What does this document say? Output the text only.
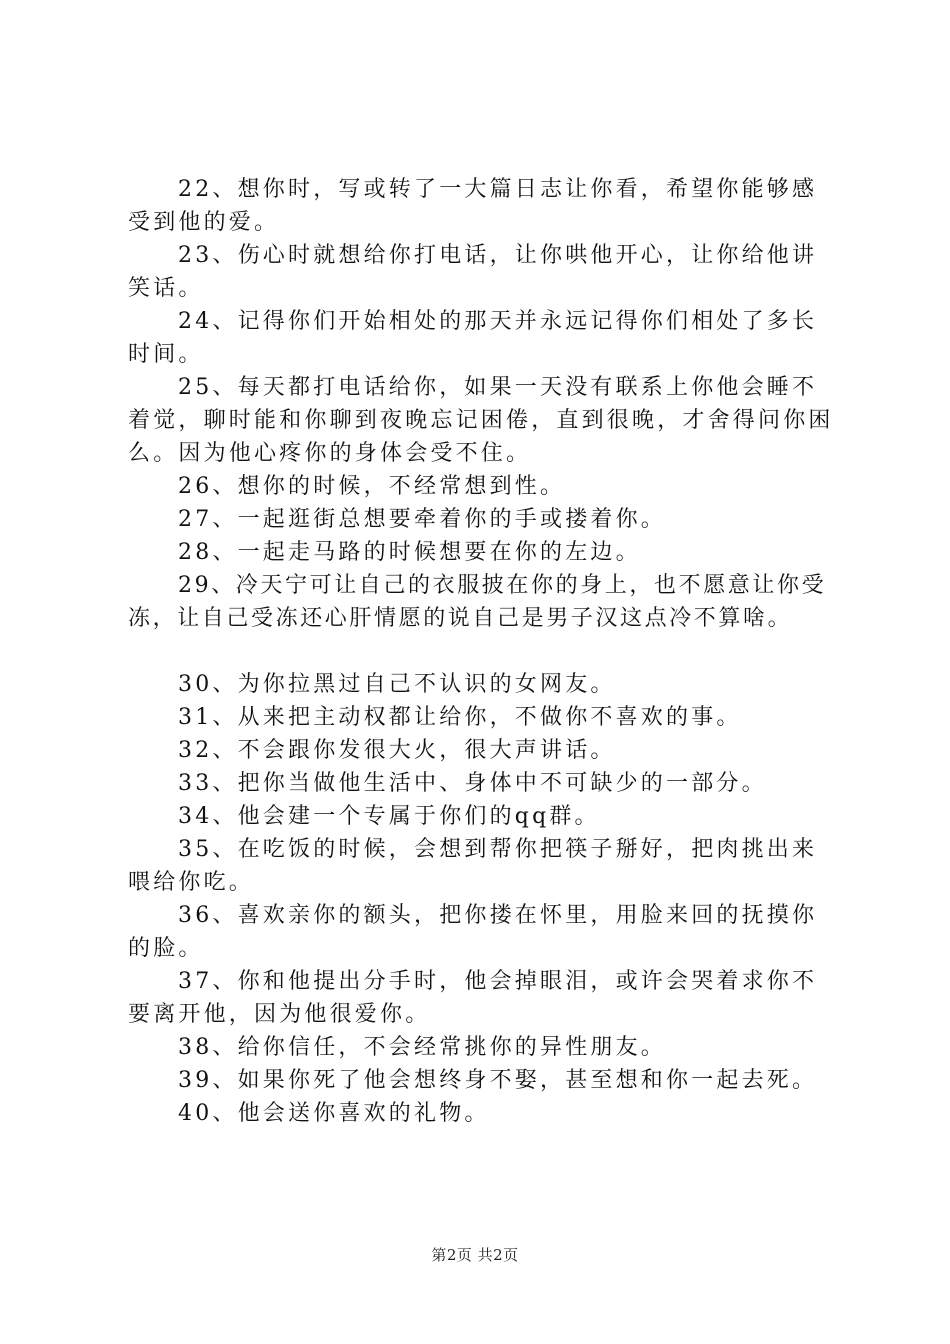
22、想你时，写或转了一大篇日志让你看，希望你能够感受到他的爱。

23、伤心时就想给你打电话，让你哄他开心，让你给他讲笑话。

24、记得你们开始相处的那天并永远记得你们相处了多长时间。

25、每天都打电话给你，如果一天没有联系上你他会睡不着觉，聊时能和你聊到夜晚忘记困倦，直到很晚，才舍得问你困么。因为他心疼你的身体会受不住。

26、想你的时候，不经常想到性。

27、一起逛街总想要牵着你的手或搂着你。

28、一起走马路的时候想要在你的左边。

29、冷天宁可让自己的衣服披在你的身上，也不愿意让你受冻，让自己受冻还心肝情愿的说自己是男子汉这点冷不算啥。

30、为你拉黑过自己不认识的女网友。

31、从来把主动权都让给你，不做你不喜欢的事。

32、不会跟你发很大火，很大声讲话。

33、把你当做他生活中、身体中不可缺少的一部分。

34、他会建一个专属于你们的qq群。

35、在吃饭的时候，会想到帮你把筷子掰好，把肉挑出来喂给你吃。

36、喜欢亲你的额头，把你搂在怀里，用脸来回的抚摸你的脸。

37、你和他提出分手时，他会掉眼泪，或许会哭着求你不要离开他，因为他很爱你。

38、给你信任，不会经常挑你的异性朋友。

39、如果你死了他会想终身不娶，甚至想和你一起去死。

40、他会送你喜欢的礼物。

第2页 共2页
